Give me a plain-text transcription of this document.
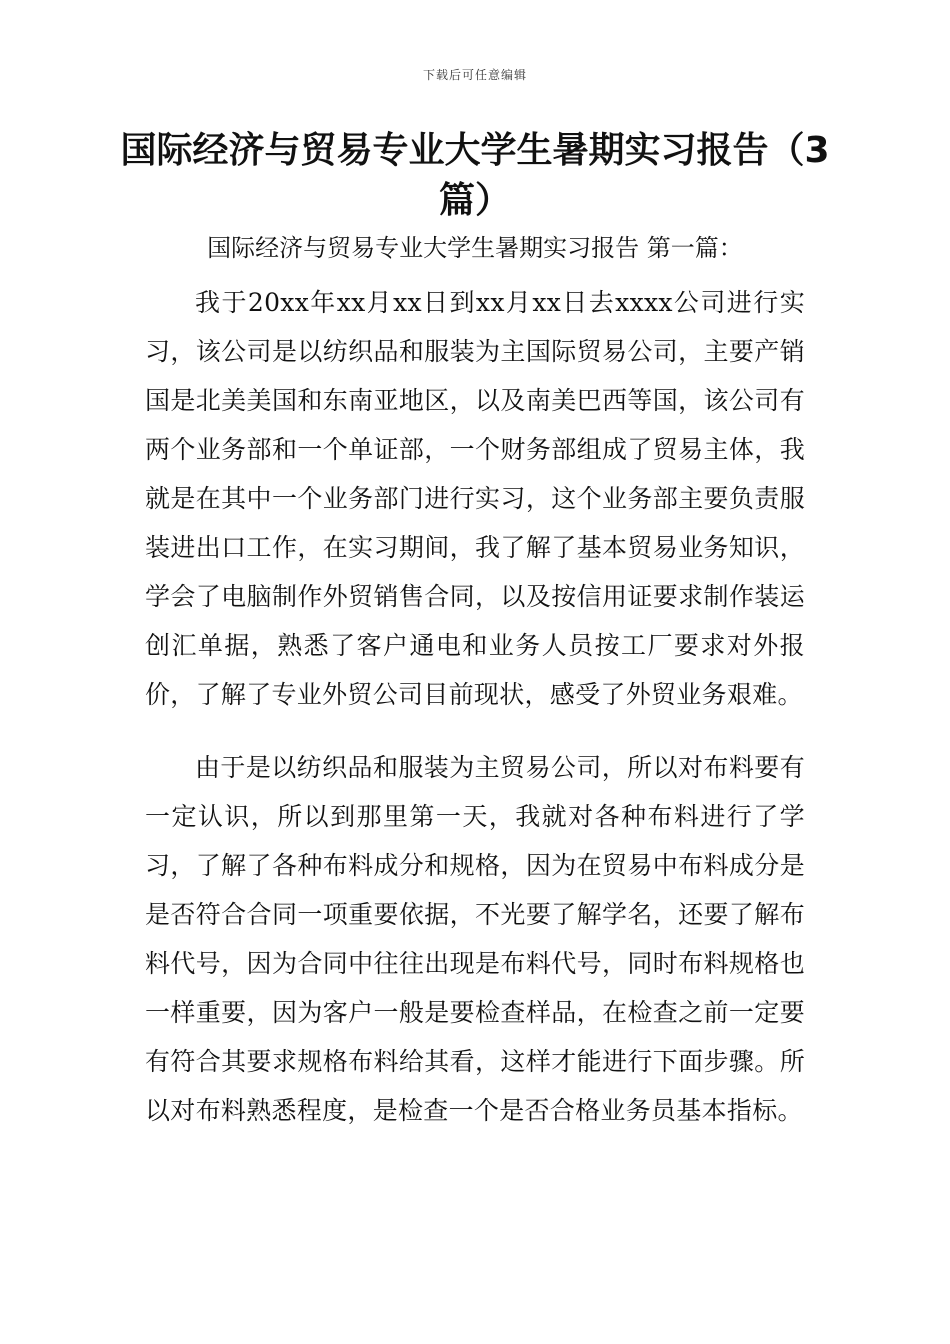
下载后可任意编辑
国际经济与贸易专业大学生暑期实习报告（3篇）

国际经济与贸易专业大学生暑期实习报告 第一篇：

我于20xx年xx月xx日到xx月xx日去xxxx公司进行实习，该公司是以纺织品和服装为主国际贸易公司，主要产销国是北美美国和东南亚地区，以及南美巴西等国，该公司有两个业务部和一个单证部，一个财务部组成了贸易主体，我就是在其中一个业务部门进行实习，这个业务部主要负责服装进出口工作，在实习期间，我了解了基本贸易业务知识，学会了电脑制作外贸销售合同，以及按信用证要求制作装运创汇单据，熟悉了客户通电和业务人员按工厂要求对外报价，了解了专业外贸公司目前现状，感受了外贸业务艰难。

由于是以纺织品和服装为主贸易公司，所以对布料要有一定认识，所以到那里第一天，我就对各种布料进行了学习，了解了各种布料成分和规格，因为在贸易中布料成分是是否符合合同一项重要依据，不光要了解学名，还要了解布料代号，因为合同中往往出现是布料代号，同时布料规格也一样重要，因为客户一般是要检查样品，在检查之前一定要有符合其要求规格布料给其看，这样才能进行下面步骤。所以对布料熟悉程度，是检查一个是否合格业务员基本指标。
